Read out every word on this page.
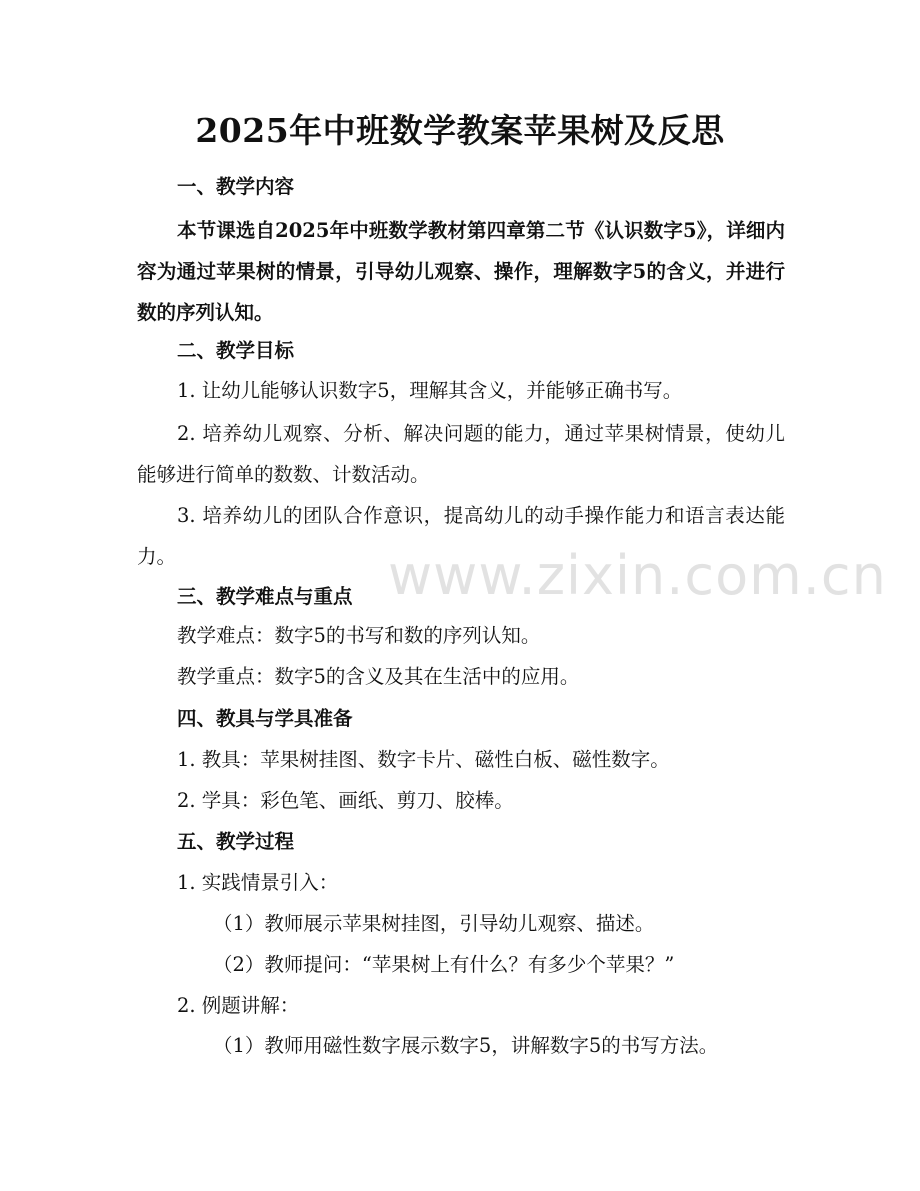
2025年中班数学教案苹果树及反思
一、教学内容
本节课选自2025年中班数学教材第四章第二节《认识数字5》，详细内容为通过苹果树的情景，引导幼儿观察、操作，理解数字5的含义，并进行数的序列认知。
二、教学目标
1. 让幼儿能够认识数字5，理解其含义，并能够正确书写。
2. 培养幼儿观察、分析、解决问题的能力，通过苹果树情景，使幼儿能够进行简单的数数、计数活动。
3. 培养幼儿的团队合作意识，提高幼儿的动手操作能力和语言表达能力。
三、教学难点与重点
教学难点：数字5的书写和数的序列认知。
教学重点：数字5的含义及其在生活中的应用。
四、教具与学具准备
1. 教具：苹果树挂图、数字卡片、磁性白板、磁性数字。
2. 学具：彩色笔、画纸、剪刀、胶棒。
五、教学过程
1. 实践情景引入：
（1）教师展示苹果树挂图，引导幼儿观察、描述。
（2）教师提问：“苹果树上有什么？有多少个苹果？”
2. 例题讲解：
（1）教师用磁性数字展示数字5，讲解数字5的书写方法。
www.zixin.com.cn
